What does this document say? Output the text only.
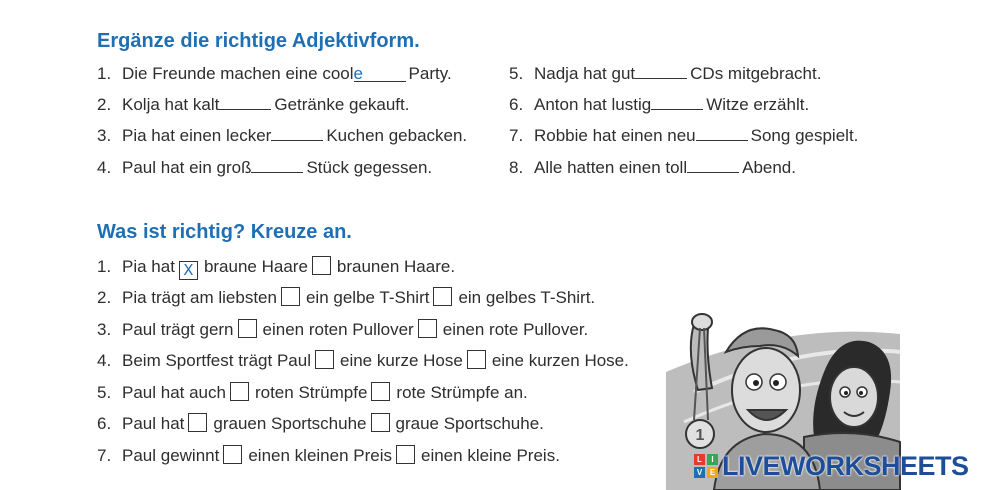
Ergänze die richtige Adjektivform.
1. Die Freunde machen eine coole	Party.
2. Kolja hat kalt	Getränke gekauft.
3. Pia hat einen lecker	Kuchen gebacken.
4. Paul hat ein groß	Stück gegessen.
5. Nadja hat gut	CDs mitgebracht.
6. Anton hat lustig	Witze erzählt.
7. Robbie hat einen neu	Song gespielt.
8. Alle hatten einen toll	Abend.
Was ist richtig? Kreuze an.
1. Pia hat X braune Haare braunen Haare.
2. Pia trägt am liebsten ein gelbe T-Shirt ein gelbes T-Shirt.
3. Paul trägt gern einen roten Pullover einen rote Pullover.
4. Beim Sportfest trägt Paul eine kurze Hose eine kurzen Hose.
5. Paul hat auch roten Strümpfe rote Strümpfe an.
6. Paul hat grauen Sportschuhe graue Sportschuhe.
7. Paul gewinnt einen kleinen Preis einen kleine Preis.
1
L	I
V E LIVEWORKSHEETS
